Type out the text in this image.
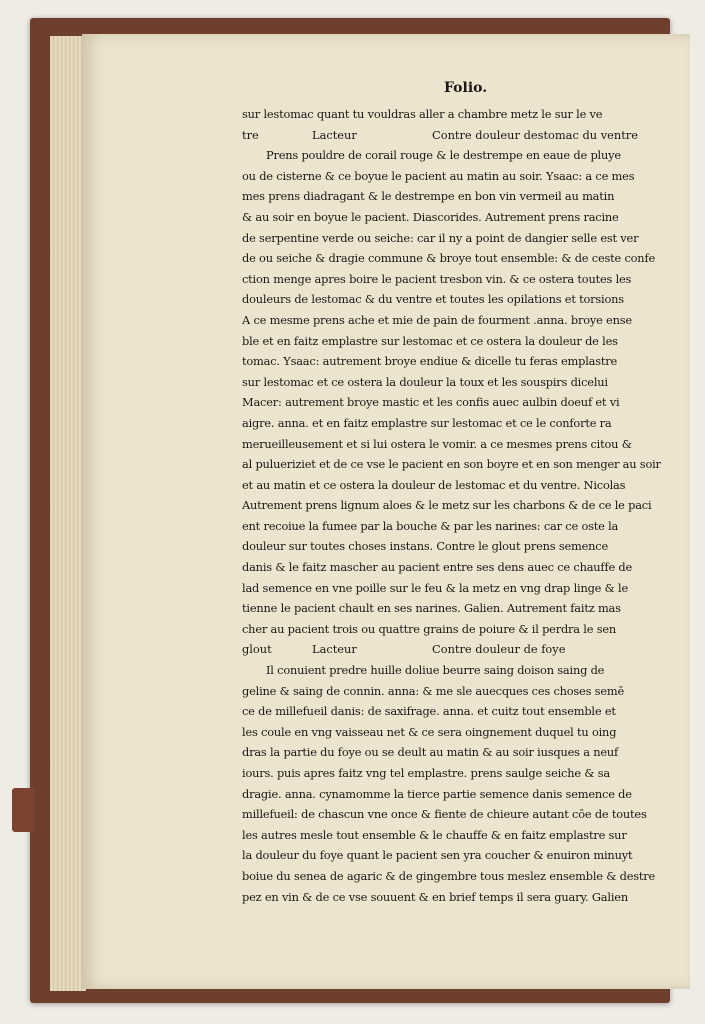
Folio.
sur lestomac quant tu vouldras aller a chambre metz le sur le ve
tre	Lacteur	Contre douleur destomac du ventre
Prens pouldre de corail rouge & le destrempe en eaue de pluye
ou de cisterne & ce boyue le pacient au matin au soir. Ysaac: a ce mes
mes prens diadragant & le destrempe en bon vin vermeil au matin
& au soir en boyue le pacient. Diascorides. Autrement prens racine
de serpentine verde ou seiche: car il ny a point de dangier selle est ver
de ou seiche & dragie commune & broye tout ensemble: & de ceste confe
ction menge apres boire le pacient tresbon vin. & ce ostera toutes les
douleurs de lestomac & du ventre et toutes les opilations et torsions
A ce mesme prens ache et mie de pain de fourment .anna. broye ense
ble et en faitz emplastre sur lestomac et ce ostera la douleur de les
tomac. Ysaac: autrement broye endiue & dicelle tu feras emplastre
sur lestomac et ce ostera la douleur la toux et les souspirs dicelui
Macer: autrement broye mastic et les confis auec aulbin doeuf et vi
aigre. anna. et en faitz emplastre sur lestomac et ce le conforte ra
merueilleusement et si lui ostera le vomir. a ce mesmes prens citou &
al pulueriziet et de ce vse le pacient en son boyre et en son menger au soir
et au matin et ce ostera la douleur de lestomac et du ventre. Nicolas
Autrement prens lignum aloes & le metz sur les charbons & de ce le paci
ent recoiue la fumee par la bouche & par les narines: car ce oste la
douleur sur toutes choses instans. Contre le glout prens semence
danis & le faitz mascher au pacient entre ses dens auec ce chauffe de
lad semence en vne poille sur le feu & la metz en vng drap linge & le
tienne le pacient chault en ses narines. Galien. Autrement faitz mas
cher au pacient trois ou quattre grains de poiure & il perdra le sen
glout	Lacteur	Contre douleur de foye
Il conuient predre huille doliue beurre saing doison saing de
geline & saing de connin. anna: & me sle auecques ces choses semē
ce de millefueil danis: de saxifrage. anna. et cuitz tout ensemble et
les coule en vng vaisseau net & ce sera oingnement duquel tu oing
dras la partie du foye ou se deult au matin & au soir iusques a neuf
iours. puis apres faitz vng tel emplastre. prens saulge seiche & sa
dragie. anna. cynamomme la tierce partie semence danis semence de
millefueil: de chascun vne once & fiente de chieure autant cōe de toutes
les autres mesle tout ensemble & le chauffe & en faitz emplastre sur
la douleur du foye quant le pacient sen yra coucher & enuiron minuyt
boiue du senea de agaric & de gingembre tous meslez ensemble & destre
pez en vin & de ce vse souuent & en brief temps il sera guary. Galien
